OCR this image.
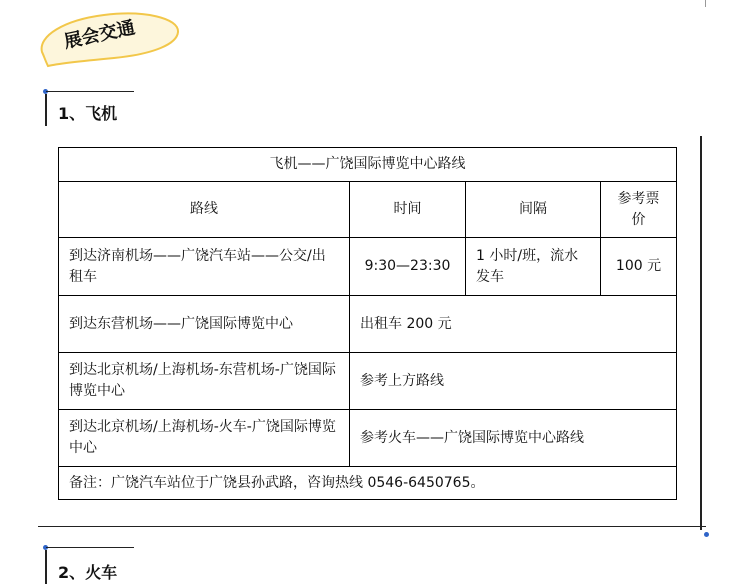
展会交通
1、飞机
飞机——广饶国际博览中心路线			
路线	时间	间隔	参考票价
到达济南机场——广饶汽车站——公交/出租车	9:30—23:30	1 小时/班，流水发车	100 元
到达东营机场——广饶国际博览中心	出租车 200 元		
到达北京机场/上海机场-东营机场-广饶国际博览中心	参考上方路线		
到达北京机场/上海机场-火车-广饶国际博览中心	参考火车——广饶国际博览中心路线		
备注：广饶汽车站位于广饶县孙武路，咨询热线 0546-6450765。			
2、火车
